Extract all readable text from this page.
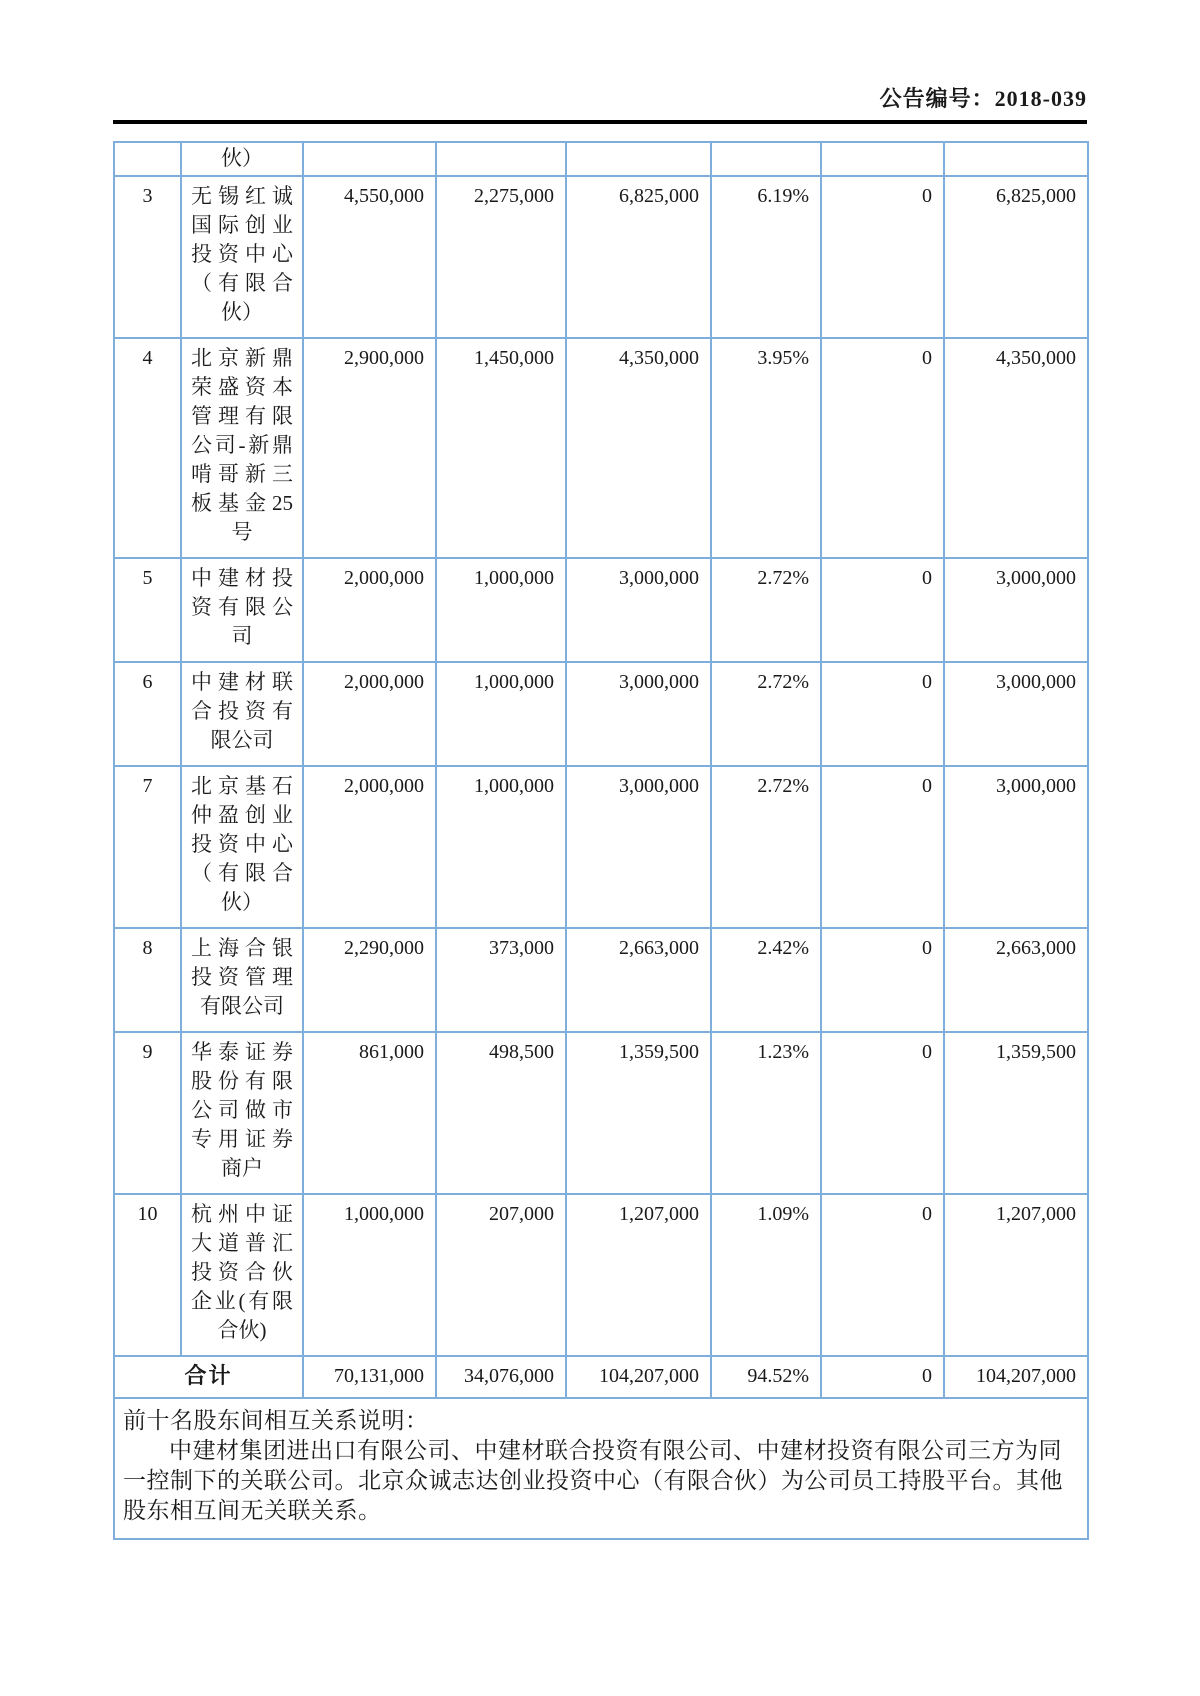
公告编号：2018-039
	伙）						
3	无锡红诚国际创业投资中心（有限合伙）	4,550,000	2,275,000	6,825,000	6.19%	0	6,825,000
4	北京新鼎荣盛资本管理有限公司-新鼎啃哥新三板基金25号	2,900,000	1,450,000	4,350,000	3.95%	0	4,350,000
5	中建材投资有限公司	2,000,000	1,000,000	3,000,000	2.72%	0	3,000,000
6	中建材联合投资有限公司	2,000,000	1,000,000	3,000,000	2.72%	0	3,000,000
7	北京基石仲盈创业投资中心（有限合伙）	2,000,000	1,000,000	3,000,000	2.72%	0	3,000,000
8	上海合银投资管理有限公司	2,290,000	373,000	2,663,000	2.42%	0	2,663,000
9	华泰证券股份有限公司做市专用证券商户	861,000	498,500	1,359,500	1.23%	0	1,359,500
10	杭州中证大道普汇投资合伙企业(有限合伙)	1,000,000	207,000	1,207,000	1.09%	0	1,207,000
合计		70,131,000	34,076,000	104,207,000	94.52%	0	104,207,000

前十名股东间相互关系说明：
中建材集团进出口有限公司、中建材联合投资有限公司、中建材投资有限公司三方为同一控制下的关联公司。北京众诚志达创业投资中心（有限合伙）为公司员工持股平台。其他股东相互间无关联关系。							
